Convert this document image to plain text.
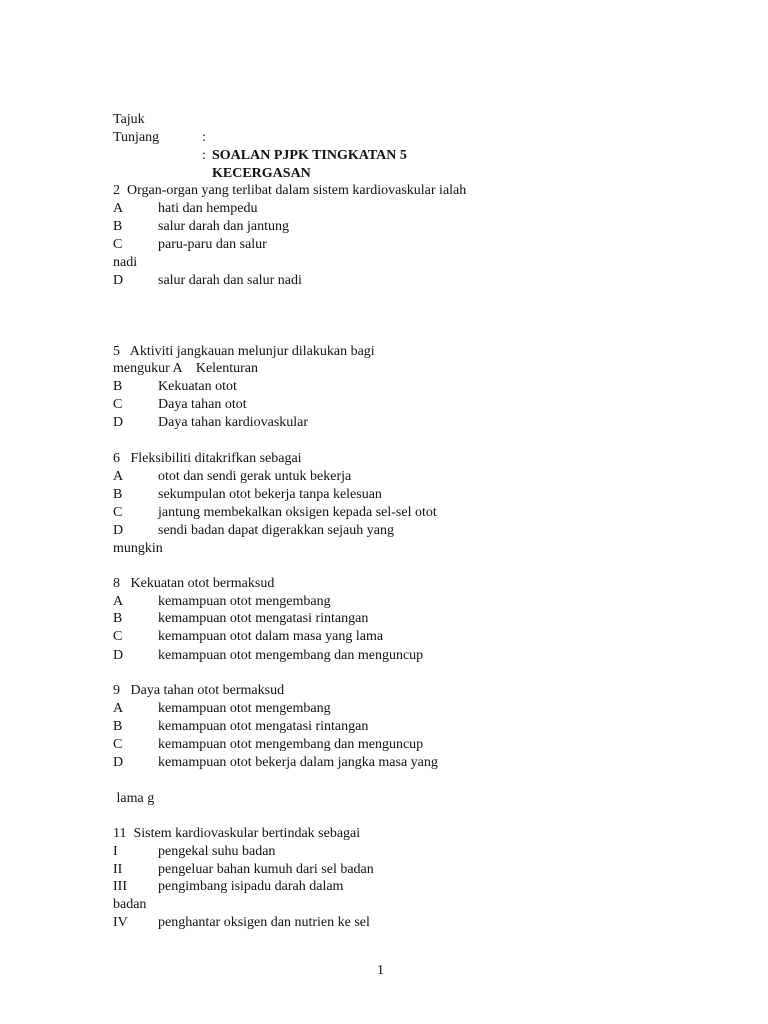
Tajuk

:

SOALAN PJPK TINGKATAN 5

Tunjang

:

KECERGASAN

2  Organ-organ yang terlibat dalam sistem kardiovaskular ialah
A hati dan hempedu
B	salur darah dan jantung
C	paru-paru dan salur
nadi
D salur darah dan salur nadi
5   Aktiviti jangkauan melunjur dilakukan bagi
mengukur A    Kelenturan
B	Kekuatan otot
C	Daya tahan otot
D Daya tahan kardiovaskular
6   Fleksibiliti ditakrifkan sebagai
A otot dan sendi gerak untuk bekerja
B	sekumpulan otot bekerja tanpa kelesuan
C	jantung membekalkan oksigen kepada sel-sel otot
D sendi badan dapat digerakkan sejauh yang
mungkin
8   Kekuatan otot bermaksud
A kemampuan otot mengembang
B	kemampuan otot mengatasi rintangan
C	kemampuan otot dalam masa yang lama
D kemampuan otot mengembang dan menguncup
9   Daya tahan otot bermaksud
A kemampuan otot mengembang
B	kemampuan otot mengatasi rintangan
C	kemampuan otot mengembang dan menguncup
D kemampuan otot bekerja dalam jangka masa yang
lama g
11  Sistem kardiovaskular bertindak sebagai
I	pengekal suhu badan
II	pengeluar bahan kumuh dari sel badan
III pengimbang isipadu darah dalam
badan
IV penghantar oksigen dan nutrien ke sel
1
